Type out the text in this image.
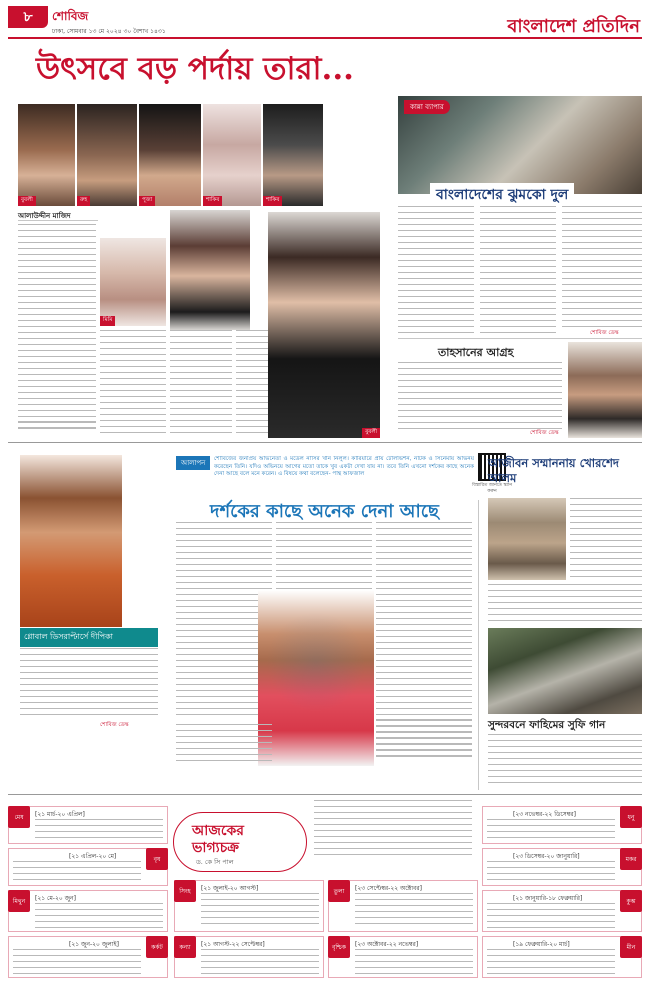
৮ শোবিজ
ঢাকা, সোমবার ১৩ মে ২০২৪ ৩০ বৈশাখ ১৪৩১	বাংলাদেশ প্রতিদিন
উৎসবে বড় পর্দায় তারা...
বুবলী	রুহ	পূজা	শাকিব	শাকিব
আলাউদ্দীন মাজিদ
মিমি
বুবলী
কান্না ব্যাপার
বাংলাদেশের ঝুমকো দুল
শোবিজ ডেস্ক
তাহসানের আগ্রহ
শোবিজ ডেস্ক
গ্লোবাল ডিসরাপ্টার্সে দীপিকা
শোবিজ ডেস্ক
আলাপন	শোবিজের জনপ্রিয় অভিনেতা ও মডেল নাসির খান নিলুল। কারিয়ারে প্রায় টেলিভিশন, নাটক ও সিনেমায় অভিনয় করেছেন তিনি। যদিও অভিনয়ে আগের মতো তাকে খুব একটা দেখা যায় না। তবে তিনি এখনো দর্শকের কাছে অনেক দেনা আছে বলে মনে করেন। এ বিষয়ে কথা বলেছেন- পান্থ আফজাল
বিস্তারিত জানতে স্ক্যান করুন
দর্শকের কাছে অনেক দেনা আছে
আজীবন সম্মাননায় খোরশেদ আলম
সুন্দরবনে ফাহিমের সুফি গান
আজকের ভাগ্যচক্র
ড. কে সি পাল
মেষ	[২১ মার্চ-২০ এপ্রিল]
বৃষ
[২১ এপ্রিল-২০ মে]
মিথুন	[২১ মে-২০ জুন]
কর্কট
[২১ জুন-২০ জুলাই]
সিংহ	[২১ জুলাই-২০ আগস্ট]
কন্যা	[২১ আগস্ট-২২ সেপ্টেম্বর]
তুলা	[২৩ সেপ্টেম্বর-২২ অক্টোবর]
বৃশ্চিক	[২৩ অক্টোবর-২২ নভেম্বর]
ধনু
[২৩ নভেম্বর-২২ ডিসেম্বর]
মকর
[২৩ ডিসেম্বর-২০ জানুয়ারি]
কুম্ভ
[২১ জানুয়ারি-১৮ ফেব্রুয়ারি]
মীন
[১৯ ফেব্রুয়ারি-২০ মার্চ]
